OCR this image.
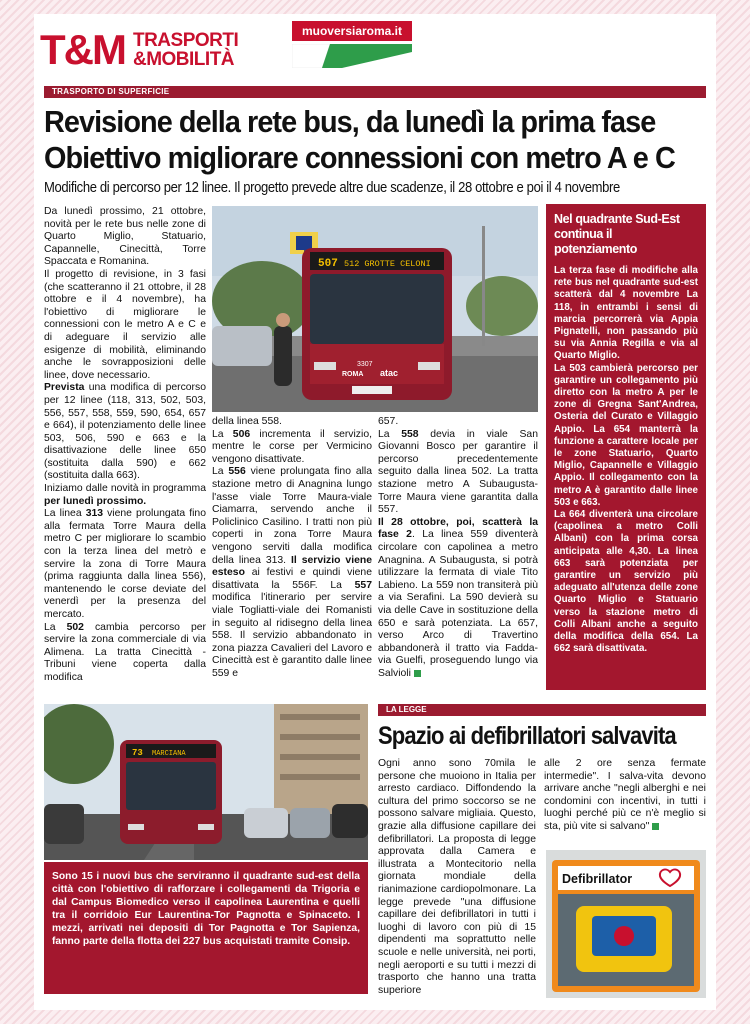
T&M TRASPORTI
&MOBILITÀ
muoversiaroma.it
TRASPORTO DI SUPERFICIE
Revisione della rete bus, da lunedì la prima fase
Obiettivo migliorare connessioni con metro A e C
Modifiche di percorso per 12 linee. Il progetto prevede altre due scadenze, il 28 ottobre e poi il 4 novembre

Da lunedì prossimo, 21 ottobre, novità per le rete bus nelle zone di Quarto Miglio, Statuario, Capannelle, Cinecittà, Torre Spaccata e Romanina.

Il progetto di revisione, in 3 fasi (che scatteranno il 21 ottobre, il 28 ottobre e il 4 novembre), ha l'obiettivo di migliorare le connessioni con le metro A e C e di adeguare il servizio alle esigenze di mobilità, eliminando anche le sovrapposizioni delle linee, dove necessario.

Prevista una modifica di percorso per 12 linee (118, 313, 502, 503, 556, 557, 558, 559, 590, 654, 657 e 664), il potenziamento delle linee 503, 506, 590 e 663 e la disattivazione delle linee 650 (sostituita dalla 590) e 662 (sostituita dalla 663).

Iniziamo dalle novità in programma per lunedì prossimo.

La linea 313 viene prolungata fino alla fermata Torre Maura della metro C per migliorare lo scambio con la terza linea del metrò e servire la zona di Torre Maura (prima raggiunta dalla linea 556), mantenendo le corse deviate del venerdì per la presenza del mercato.

La 502 cambia percorso per servire la zona commerciale di via Alimena. La tratta Cinecittà -Tribuni viene coperta dalla modifica

507 512 GROTTE CELONI
3307
ROMA atac

della linea 558.

La 506 incrementa il servizio, mentre le corse per Vermicino vengono disattivate.

La 556 viene prolungata fino alla stazione metro di Anagnina lungo l'asse viale Torre Maura-viale Ciamarra, servendo anche il Policlinico Casilino. I tratti non più coperti in zona Torre Maura vengono serviti dalla modifica della linea 313. Il servizio viene esteso ai festivi e quindi viene disattivata la 556F. La 557 modifica l'itinerario per servire viale Togliatti-viale dei Romanisti in seguito al ridisegno della linea 558. Il servizio abbandonato in zona piazza Cavalieri del Lavoro e Cinecittà est è garantito dalle linee 559 e

657.

La 558 devia in viale San Giovanni Bosco per garantire il percorso precedentemente seguito dalla linea 502. La tratta stazione metro A Subaugusta-Torre Maura viene garantita dalla 557.

Il 28 ottobre, poi, scatterà la fase 2. La linea 559 diventerà circolare con capolinea a metro Anagnina. A Subaugusta, si potrà utilizzare la fermata di viale Tito Labieno. La 559 non transiterà più a via Serafini. La 590 devierà su via delle Cave in sostituzione della 650 e sarà potenziata. La 657, verso Arco di Travertino abbandonerà il tratto via Fadda-via Guelfi, proseguendo lungo via Salvioli

Nel quadrante Sud-Est continua il potenziamento
La terza fase di modifiche alla rete bus nel quadrante sud-est scatterà dal 4 novembre La 118, in entrambi i sensi di marcia percorrerà via Appia Pignatelli, non passando più su via Annia Regilla e via al Quarto Miglio.
La 503 cambierà percorso per garantire un collegamento più diretto con la metro A per le zone di Gregna Sant'Andrea, Osteria del Curato e Villaggio Appio. La 654 manterrà la funzione a carattere locale per le zone Statuario, Quarto Miglio, Capannelle e Villaggio Appio. Il collegamento con la metro A è garantito dalle linee 503 e 663.
La 664 diventerà una circolare (capolinea a metro Colli Albani) con la prima corsa anticipata alle 4,30. La linea 663 sarà potenziata per garantire un servizio più adeguato all'utenza delle zone Quarto Miglio e Statuario verso la stazione metro di Colli Albani anche a seguito della modifica della 654. La 662 sarà disattivata.
73 MARCIANA
Sono 15 i nuovi bus che serviranno il quadrante sud-est della città con l'obiettivo di rafforzare i collegamenti da Trigoria e dal Campus Biomedico verso il capolinea Laurentina e quelli tra il corridoio Eur Laurentina-Tor Pagnotta e Spinaceto. I mezzi, arrivati nei depositi di Tor Pagnotta e Tor Sapienza, fanno parte della flotta dei 227 bus acquistati tramite Consip.
LA LEGGE
Spazio ai defibrillatori salvavita
Ogni anno sono 70mila le persone che muoiono in Italia per arresto cardiaco. Diffondendo la cultura del primo soccorso se ne possono salvare migliaia. Questo, grazie alla diffusione capillare dei defibrillatori. La proposta di legge approvata dalla Camera e illustrata a Montecitorio nella giornata mondiale della rianimazione cardiopolmonare. La legge prevede "una diffusione capillare dei defibrillatori in tutti i luoghi di lavoro con più di 15 dipendenti ma soprattutto nelle scuole e nelle università, nei porti, negli aeroporti e su tutti i mezzi di trasporto che hanno una tratta superiore
alle 2 ore senza fermate intermedie". I salva-vita devono arrivare anche "negli alberghi e nei condomini con incentivi, in tutti i luoghi perché più ce n'è meglio si sta, più vite si salvano"
Defibrillator
